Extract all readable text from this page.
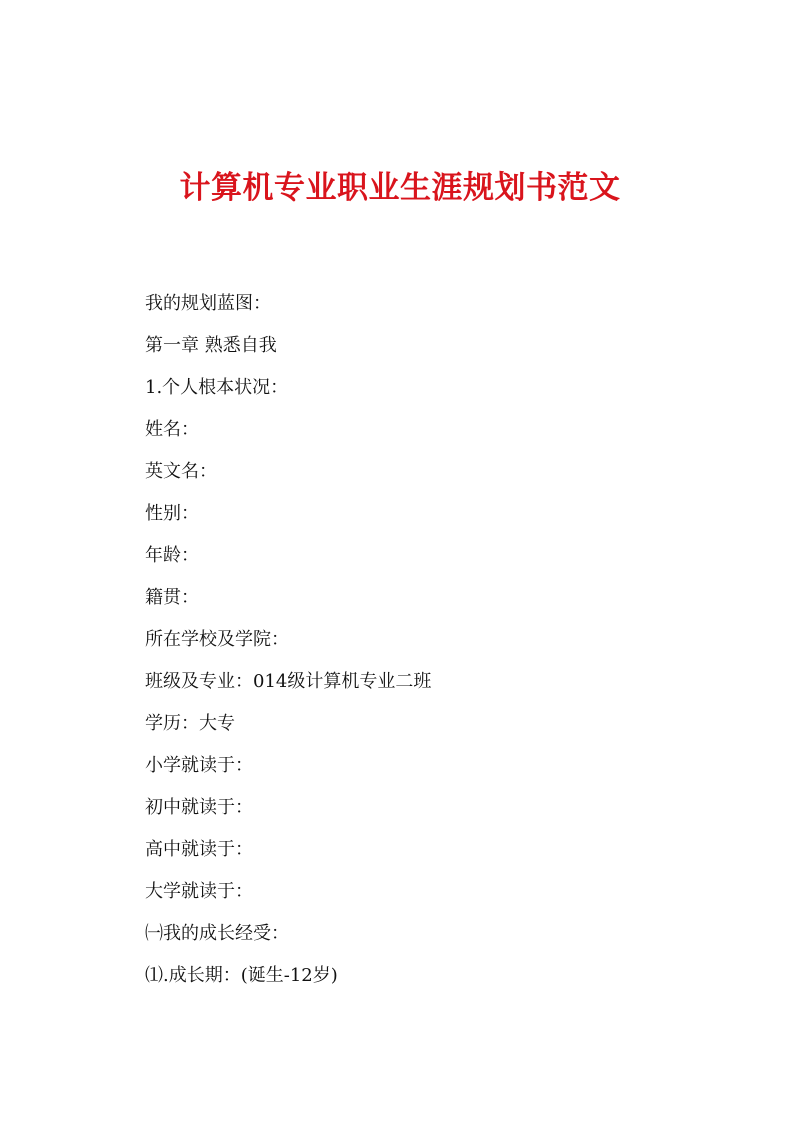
计算机专业职业生涯规划书范文
我的规划蓝图：
第一章 熟悉自我
1.个人根本状况：
姓名：
英文名：
性别：
年龄：
籍贯：
所在学校及学院：
班级及专业：014级计算机专业二班
学历：大专
小学就读于：
初中就读于：
高中就读于：
大学就读于：
㈠我的成长经受：
⑴.成长期：(诞生-12岁)
